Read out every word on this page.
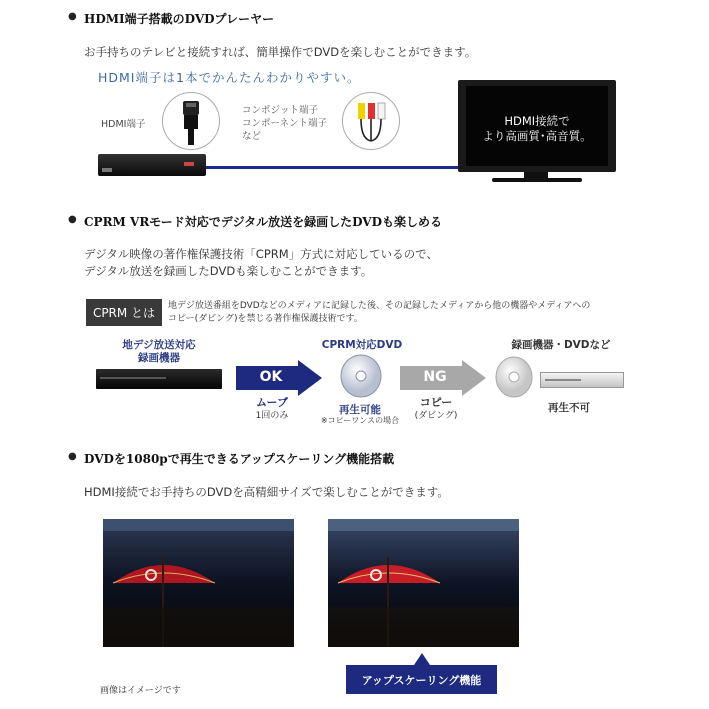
● HDMI端子搭載のDVDプレーヤー
お手持ちのテレビと接続すれば、簡単操作でDVDを楽しむことができます。
HDMI端子は1本でかんたんわかりやすい。
HDMI端子
コンポジット端子
コンポーネント端子
など
HDMI接続で
より高画質･高音質。
● CPRM VRモード対応でデジタル放送を録画したDVDも楽しめる
デジタル映像の著作権保護技術「CPRM」方式に対応しているので、
デジタル放送を録画したDVDも楽しむことができます。
CPRM とは	地デジ放送番組をDVDなどのメディアに記録した後、その記録したメディアから他の機器やメディアへの
コピー(ダビング)を禁じる著作権保護技術です。
地デジ放送対応
録画機器
OK
ムーブ
1回のみ
CPRM対応DVD
再生可能
※コピーワンスの場合
NG
コピー
(ダビング)
録画機器・DVDなど
再生不可
● DVDを1080pで再生できるアップスケーリング機能搭載
HDMI接続でお手持ちのDVDを高精細サイズで楽しむことができます。
画像はイメージです
アップスケーリング機能
